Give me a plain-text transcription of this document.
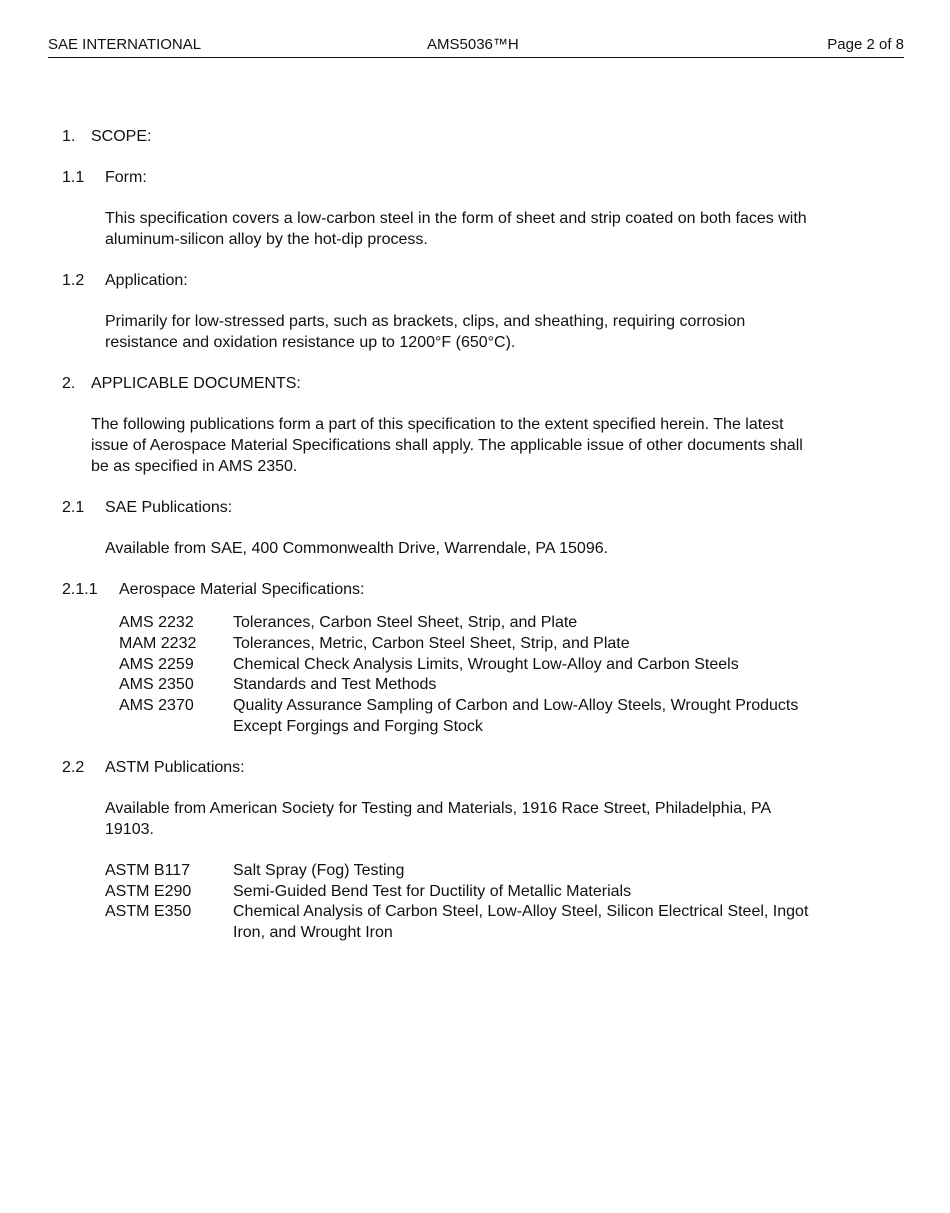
SAE INTERNATIONAL	AMS5036™H	Page 2 of 8
1. SCOPE:
1.1 Form:
This specification covers a low-carbon steel in the form of sheet and strip coated on both faces with
aluminum-silicon alloy by the hot-dip process.
1.2 Application:
Primarily for low-stressed parts, such as brackets, clips, and sheathing, requiring corrosion
resistance and oxidation resistance up to 1200°F (650°C).
2. APPLICABLE DOCUMENTS:
The following publications form a part of this specification to the extent specified herein. The latest
issue of Aerospace Material Specifications shall apply. The applicable issue of other documents shall
be as specified in AMS 2350.
2.1 SAE Publications:
Available from SAE, 400 Commonwealth Drive, Warrendale, PA 15096.
2.1.1 Aerospace Material Specifications:
AMS 2232 Tolerances, Carbon Steel Sheet, Strip, and Plate
MAM 2232 Tolerances, Metric, Carbon Steel Sheet, Strip, and Plate
AMS 2259 Chemical Check Analysis Limits, Wrought Low-Alloy and Carbon Steels
AMS 2350 Standards and Test Methods
AMS 2370 Quality Assurance Sampling of Carbon and Low-Alloy Steels, Wrought Products
Except Forgings and Forging Stock
2.2 ASTM Publications:
Available from American Society for Testing and Materials, 1916 Race Street, Philadelphia, PA
19103.
ASTM B117	Salt Spray (Fog) Testing
ASTM E290	Semi-Guided Bend Test for Ductility of Metallic Materials
ASTM E350	Chemical Analysis of Carbon Steel, Low-Alloy Steel, Silicon Electrical Steel, Ingot
Iron, and Wrought Iron
